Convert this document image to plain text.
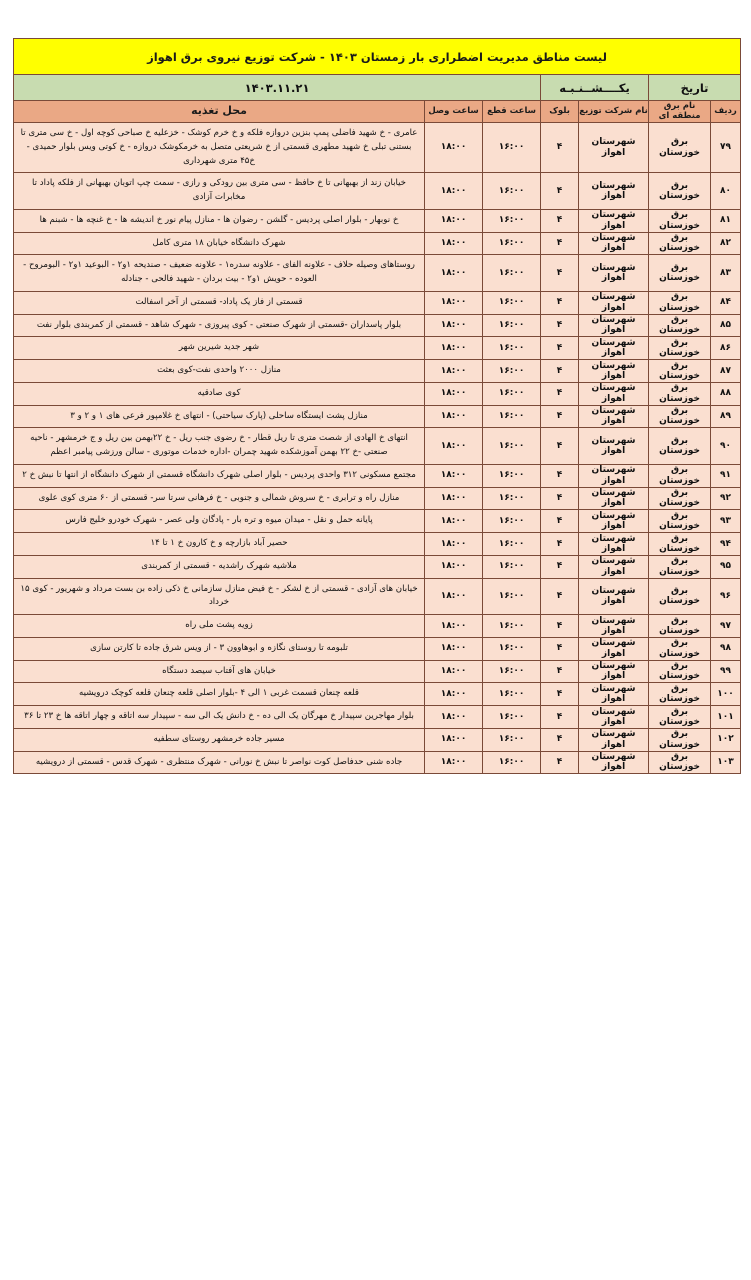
لیست مناطق مدیریت اضطراری بار زمستان ۱۴۰۳ - شرکت توزیع نیروی برق اهواز						
تاریخ		یکــــشــنـبـه		۱۴۰۳.۱۱.۲۱		
ردیف	نام برق منطقه ای	نام شرکت توزیع	بلوک	ساعت قطع	ساعت وصل	محل تغذیه
۷۹	برق خوزستان	شهرستان اهواز	۴	۱۶:۰۰	۱۸:۰۰	عامری - خ شهید فاضلی پمپ بنزین دروازه فلکه و خ خرم کوشک - خزعلیه خ صباحی کوچه اول - خ سی متری تا بستنی تبلی خ شهید مطهری قسمتی از خ شریعتی متصل به خرمکوشک دروازه - خ کوتی ویس بلوار حمیدی - خ۴۵ متری شهرداری
۸۰	برق خوزستان	شهرستان اهواز	۴	۱۶:۰۰	۱۸:۰۰	خیابان زند از بهبهانی تا خ حافظ - سی متری بین رودکی و رازی - سمت چپ اتوبان بهبهانی از فلکه پاداد تا مخابرات آزادی
۸۱	برق خوزستان	شهرستان اهواز	۴	۱۶:۰۰	۱۸:۰۰	خ نوبهار - بلوار اصلی پردیس - گلشن - رضوان ها - منازل پیام نور خ اندیشه ها - خ غنچه ها - شبنم ها
۸۲	برق خوزستان	شهرستان اهواز	۴	۱۶:۰۰	۱۸:۰۰	شهرک دانشگاه خیابان ۱۸ متری کامل
۸۳	برق خوزستان	شهرستان اهواز	۴	۱۶:۰۰	۱۸:۰۰	روستاهای وصیله حلاف - علاونه الفای - علاونه سدره۱ - علاونه ضعیف - صندیحه ۱و۲ - البوعید ۱و۲ - البومروح - العوده - حویش ۱و۲ - بیت بردان - شهید فالحی - جنادله
۸۴	برق خوزستان	شهرستان اهواز	۴	۱۶:۰۰	۱۸:۰۰	قسمتی از فاز یک پاداد- قسمتی از آخر اسفالت
۸۵	برق خوزستان	شهرستان اهواز	۴	۱۶:۰۰	۱۸:۰۰	بلوار پاسداران -قسمتی از شهرک صنعتی - کوی پیروزی - شهرک شاهد - قسمتی از کمربندی بلوار نفت
۸۶	برق خوزستان	شهرستان اهواز	۴	۱۶:۰۰	۱۸:۰۰	شهر جدید شیرین شهر
۸۷	برق خوزستان	شهرستان اهواز	۴	۱۶:۰۰	۱۸:۰۰	منازل ۲۰۰۰ واحدی نفت-کوی بعثت
۸۸	برق خوزستان	شهرستان اهواز	۴	۱۶:۰۰	۱۸:۰۰	کوی صادقیه
۸۹	برق خوزستان	شهرستان اهواز	۴	۱۶:۰۰	۱۸:۰۰	منازل پشت ایستگاه ساحلی (پارک سیاحتی) - انتهای خ غلامپور فرعی های ۱ و ۲ و ۳
۹۰	برق خوزستان	شهرستان اهواز	۴	۱۶:۰۰	۱۸:۰۰	انتهای خ الهادی از شصت متری تا ریل قطار - خ رضوی جنب ریل - خ ۲۲بهمن بین ریل و ج خرمشهر - ناحیه صنعتی -خ ۲۲ بهمن آموزشکده شهید چمران -اداره خدمات موتوری - سالن ورزشی پیامبر اعظم
۹۱	برق خوزستان	شهرستان اهواز	۴	۱۶:۰۰	۱۸:۰۰	مجتمع مسکونی ۳۱۲ واحدی پردیس - بلوار اصلی شهرک دانشگاه قسمتی از شهرک دانشگاه از انتها تا نبش خ ۲
۹۲	برق خوزستان	شهرستان اهواز	۴	۱۶:۰۰	۱۸:۰۰	منازل راه و ترابری - خ سروش شمالی و جنوبی - خ فرهانی سرتا سر- قسمتی از ۶۰ متری کوی علوی
۹۳	برق خوزستان	شهرستان اهواز	۴	۱۶:۰۰	۱۸:۰۰	پایانه حمل و نقل - میدان میوه و تره بار - پادگان ولی عصر - شهرک خودرو خلیج فارس
۹۴	برق خوزستان	شهرستان اهواز	۴	۱۶:۰۰	۱۸:۰۰	حصیر آباد بازارچه و خ کارون خ ۱ تا ۱۴
۹۵	برق خوزستان	شهرستان اهواز	۴	۱۶:۰۰	۱۸:۰۰	ملاشیه شهرک راشدیه - قسمتی از کمربندی
۹۶	برق خوزستان	شهرستان اهواز	۴	۱۶:۰۰	۱۸:۰۰	خیابان های آزادی - قسمتی از خ لشکر - خ فیض منازل سازمانی خ ذکی زاده بن بست مرداد و شهریور - کوی ۱۵ خرداد
۹۷	برق خوزستان	شهرستان اهواز	۴	۱۶:۰۰	۱۸:۰۰	زویه پشت ملی راه
۹۸	برق خوزستان	شهرستان اهواز	۴	۱۶:۰۰	۱۸:۰۰	تلبومه تا روستای نگازه و ابوهاوون ۳ - از ویس شرق جاده تا کارتن سازی
۹۹	برق خوزستان	شهرستان اهواز	۴	۱۶:۰۰	۱۸:۰۰	خیابان های آفتاب سیصد دستگاه
۱۰۰	برق خوزستان	شهرستان اهواز	۴	۱۶:۰۰	۱۸:۰۰	قلعه چنعان قسمت غربی ۱ الی ۴ -بلوار اصلی قلعه چنعان قلعه کوچک درویشیه
۱۰۱	برق خوزستان	شهرستان اهواز	۴	۱۶:۰۰	۱۸:۰۰	بلوار مهاجرین سپیدار خ مهرگان یک الی ده - خ دانش یک الی سه - سپیدار سه اتاقه و چهار اتاقه ها خ ۲۳ تا ۳۶
۱۰۲	برق خوزستان	شهرستان اهواز	۴	۱۶:۰۰	۱۸:۰۰	مسیر جاده خرمشهر روستای سطفیه
۱۰۳	برق خوزستان	شهرستان اهواز	۴	۱۶:۰۰	۱۸:۰۰	جاده شنی حدفاصل کوت نواصر تا نبش خ نورانی - شهرک منتظری - شهرک قدس - قسمتی از درویشیه
